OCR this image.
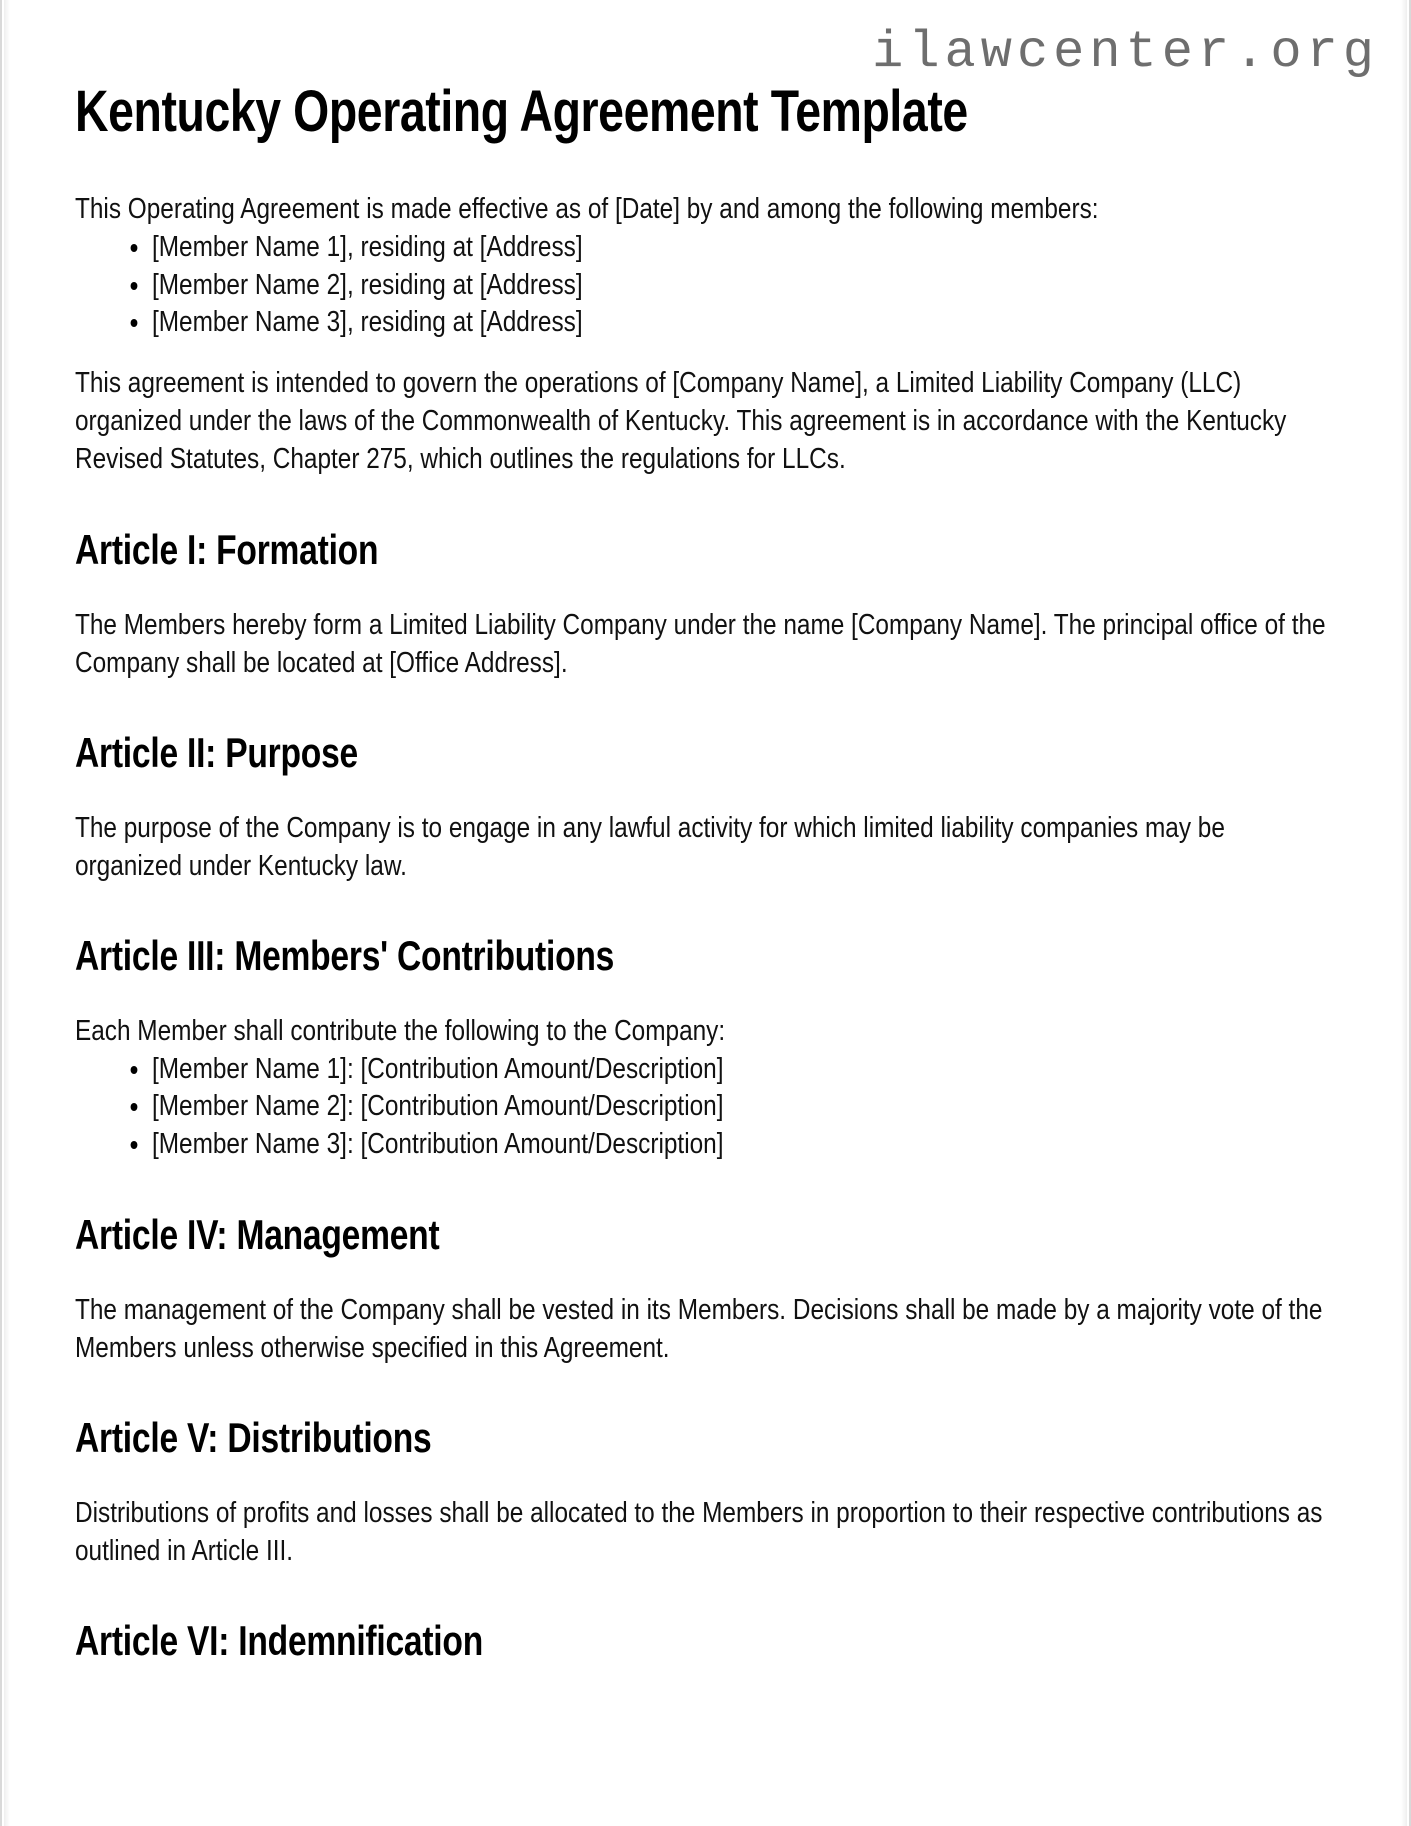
ilawcenter.org
Kentucky Operating Agreement Template

This Operating Agreement is made effective as of [Date] by and among the following members:

[Member Name 1], residing at [Address]
[Member Name 2], residing at [Address]
[Member Name 3], residing at [Address]

This agreement is intended to govern the operations of [Company Name], a Limited Liability Company (LLC) organized under the laws of the Commonwealth of Kentucky. This agreement is in accordance with the Kentucky Revised Statutes, Chapter 275, which outlines the regulations for LLCs.

Article I: Formation

The Members hereby form a Limited Liability Company under the name [Company Name]. The principal office of the Company shall be located at [Office Address].

Article II: Purpose

The purpose of the Company is to engage in any lawful activity for which limited liability companies may be organized under Kentucky law.

Article III: Members' Contributions

Each Member shall contribute the following to the Company:

[Member Name 1]: [Contribution Amount/Description]
[Member Name 2]: [Contribution Amount/Description]
[Member Name 3]: [Contribution Amount/Description]
Article IV: Management

The management of the Company shall be vested in its Members. Decisions shall be made by a majority vote of the Members unless otherwise specified in this Agreement.

Article V: Distributions

Distributions of profits and losses shall be allocated to the Members in proportion to their respective contributions as outlined in Article III.

Article VI: Indemnification
